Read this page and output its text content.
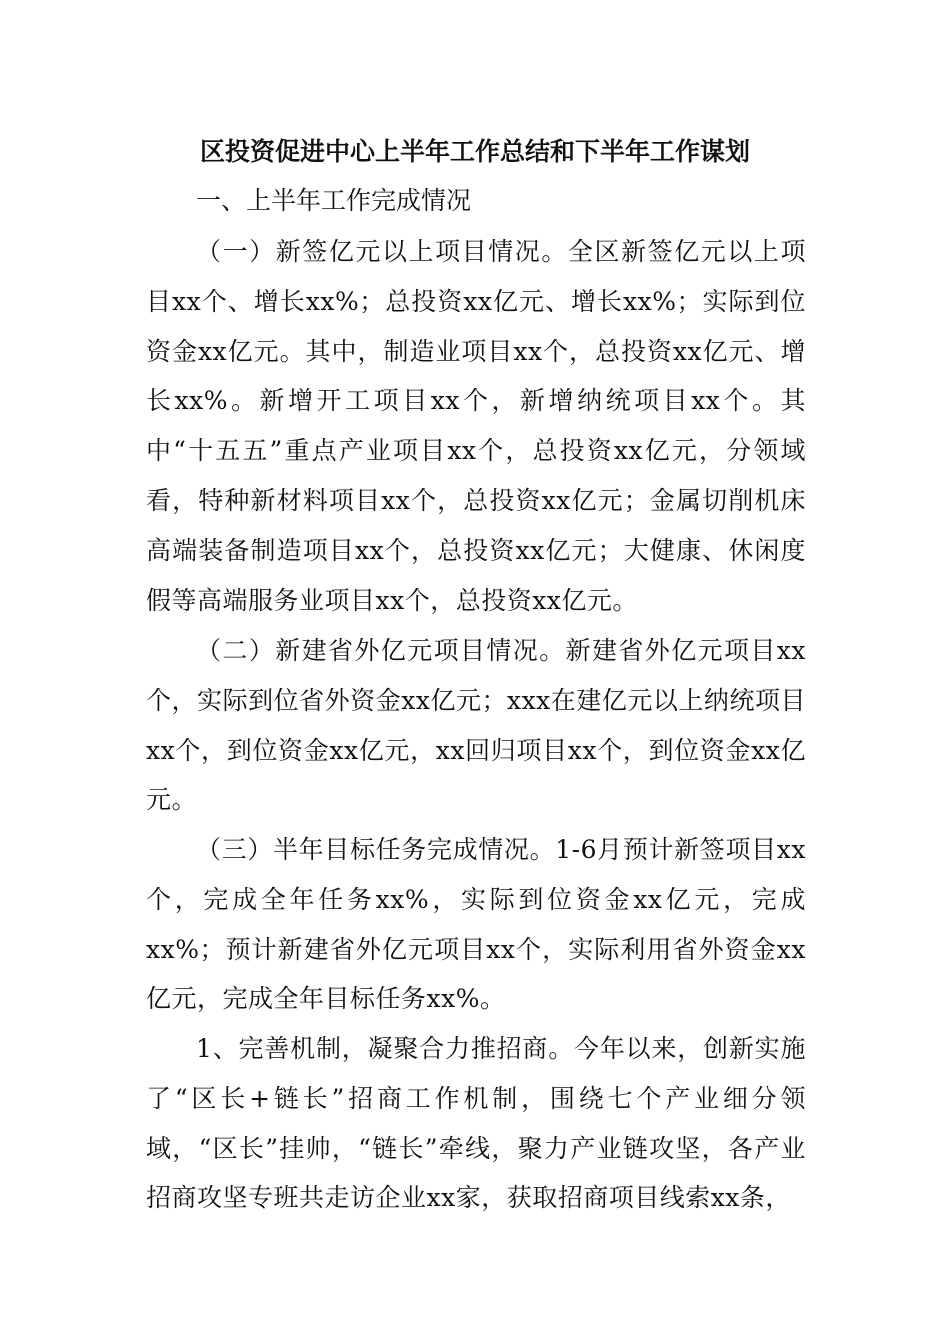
区投资促进中心上半年工作总结和下半年工作谋划
一、上半年工作完成情况

（一）新签亿元以上项目情况。全区新签亿元以上项目xx个、增长xx%；总投资xx亿元、增长xx%；实际到位资金xx亿元。其中，制造业项目xx个，总投资xx亿元、增长xx%。新增开工项目xx个，新增纳统项目xx个。其中“十五五”重点产业项目xx个，总投资xx亿元，分领域看，特种新材料项目xx个，总投资xx亿元；金属切削机床高端装备制造项目xx个，总投资xx亿元；大健康、休闲度假等高端服务业项目xx个，总投资xx亿元。

（二）新建省外亿元项目情况。新建省外亿元项目xx个，实际到位省外资金xx亿元；xxx在建亿元以上纳统项目xx个，到位资金xx亿元，xx回归项目xx个，到位资金xx亿元。

（三）半年目标任务完成情况。1-6月预计新签项目xx个，完成全年任务xx%，实际到位资金xx亿元，完成xx%；预计新建省外亿元项目xx个，实际利用省外资金xx亿元，完成全年目标任务xx%。

1、完善机制，凝聚合力推招商。今年以来，创新实施了“区长+链长”招商工作机制，围绕七个产业细分领域，“区长”挂帅，“链长”牵线，聚力产业链攻坚，各产业招商攻坚专班共走访企业xx家，获取招商项目线索xx条，
